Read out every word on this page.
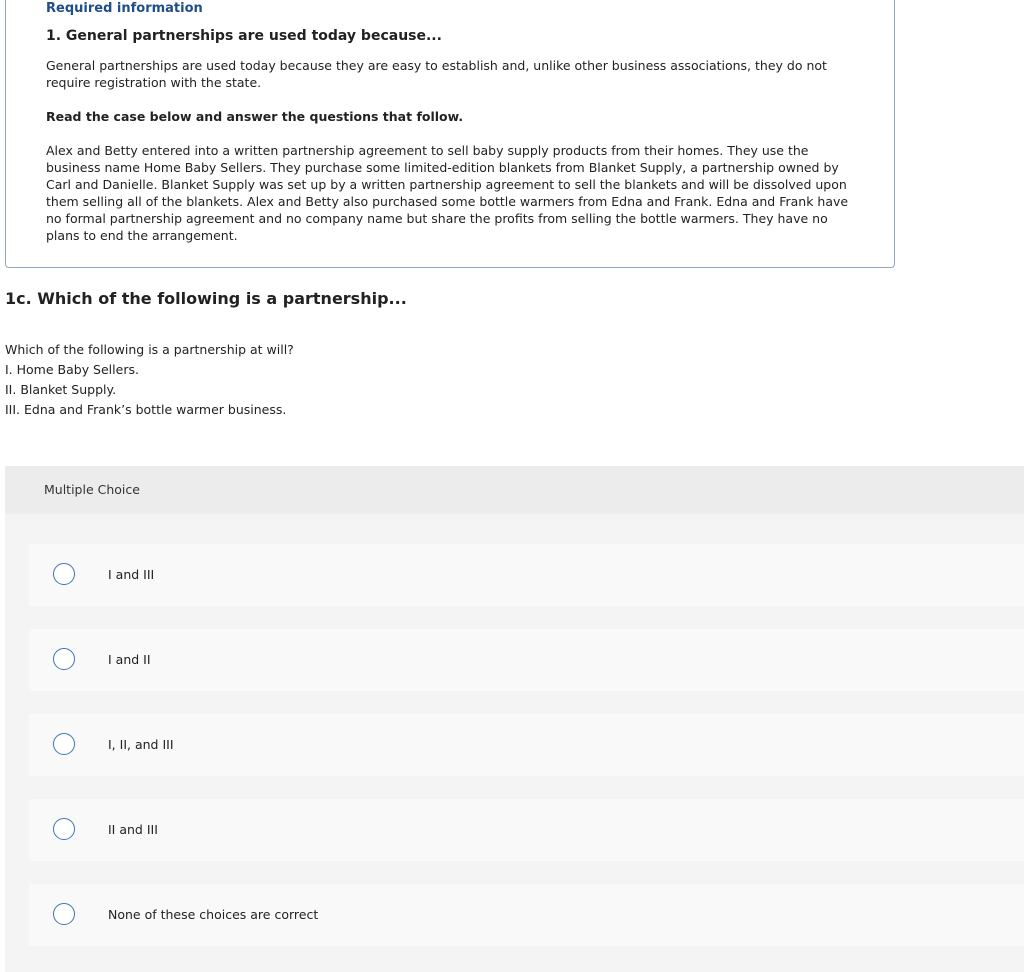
Required information

1. General partnerships are used today because...

General partnerships are used today because they are easy to establish and, unlike other business associations, they do not require registration with the state.

Read the case below and answer the questions that follow.

Alex and Betty entered into a written partnership agreement to sell baby supply products from their homes. They use the business name Home Baby Sellers. They purchase some limited-edition blankets from Blanket Supply, a partnership owned by Carl and Danielle. Blanket Supply was set up by a written partnership agreement to sell the blankets and will be dissolved upon them selling all of the blankets. Alex and Betty also purchased some bottle warmers from Edna and Frank. Edna and Frank have no formal partnership agreement and no company name but share the profits from selling the bottle warmers. They have no plans to end the arrangement.

1c. Which of the following is a partnership...
Which of the following is a partnership at will?
I. Home Baby Sellers.
II. Blanket Supply.
III. Edna and Frank’s bottle warmer business.

Multiple Choice

I and III
I and II
I, II, and III
II and III
None of these choices are correct
